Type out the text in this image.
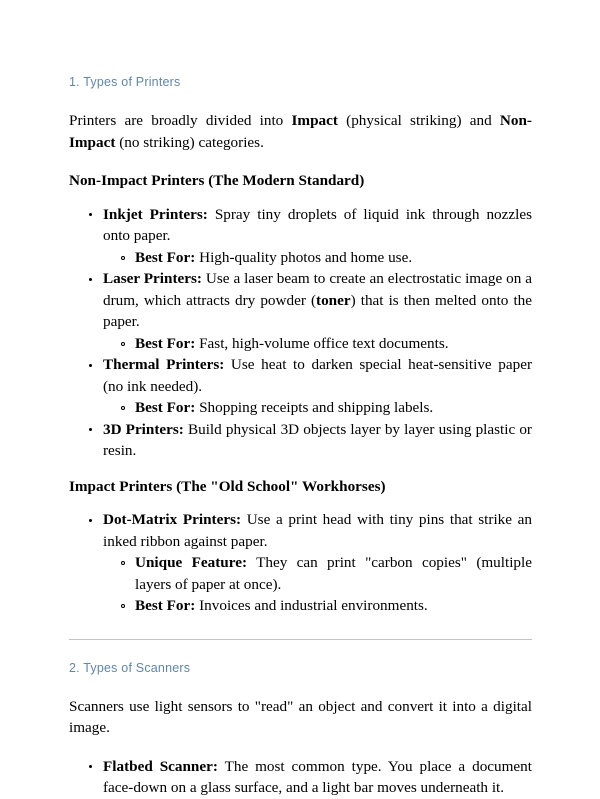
1. Types of Printers

Printers are broadly divided into Impact (physical striking) and Non-Impact (no striking) categories.

Non-Impact Printers (The Modern Standard)
Inkjet Printers: Spray tiny droplets of liquid ink through nozzles onto paper.
Best For: High-quality photos and home use.
Laser Printers: Use a laser beam to create an electrostatic image on a drum, which attracts dry powder (toner) that is then melted onto the paper.
Best For: Fast, high-volume office text documents.
Thermal Printers: Use heat to darken special heat-sensitive paper (no ink needed).
Best For: Shopping receipts and shipping labels.
3D Printers: Build physical 3D objects layer by layer using plastic or resin.
Impact Printers (The "Old School" Workhorses)
Dot-Matrix Printers: Use a print head with tiny pins that strike an inked ribbon against paper.
Unique Feature: They can print "carbon copies" (multiple layers of paper at once).
Best For: Invoices and industrial environments.
2. Types of Scanners

Scanners use light sensors to "read" an object and convert it into a digital image.

Flatbed Scanner: The most common type. You place a document face-down on a glass surface, and a light bar moves underneath it.
